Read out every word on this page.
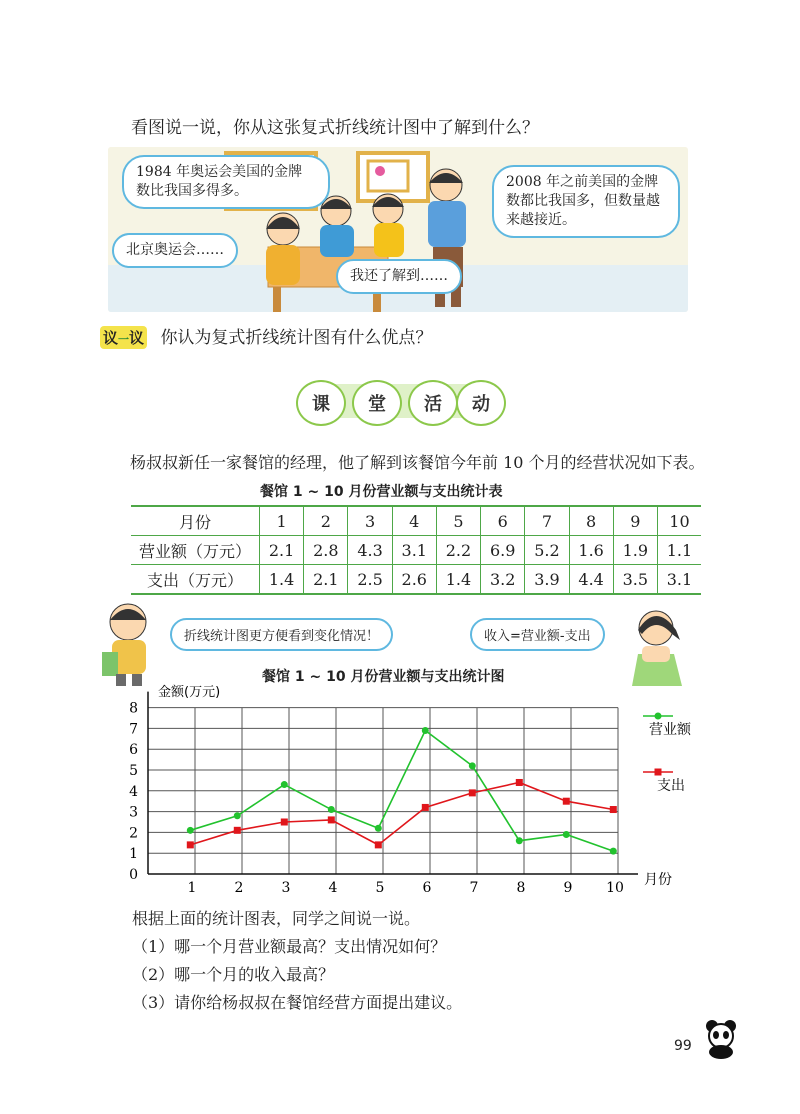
看图说一说，你从这张复式折线统计图中了解到什么？
1984 年奥运会美国的金牌数比我国多得多。
2008 年之前美国的金牌数都比我国多，但数量越来越接近。
北京奥运会……
我还了解到……
议一议 你认为复式折线统计图有什么优点？
课	堂	活	动
杨叔叔新任一家餐馆的经理，他了解到该餐馆今年前 10 个月的经营状况如下表。
餐馆 1 ~ 10 月份营业额与支出统计表
月份	1	2	3	4	5	6	7	8	9	10
营业额（万元）	2.1	2.8	4.3	3.1	2.2	6.9	5.2	1.6	1.9	1.1
支出（万元）	1.4	2.1	2.5	2.6	1.4	3.2	3.9	4.4	3.5	3.1
折线统计图更方便看到变化情况！	收入=营业额-支出
餐馆 1 ~ 10 月份营业额与支出统计图
0
1
2
3
4
5
6
7
8
1	2	3	4	5	6	7	8	9 10
营业额
支出
金额(万元)
月份
根据上面的统计图表，同学之间说一说。
（1）哪一个月营业额最高？支出情况如何？
（2）哪一个月的收入最高？
（3）请你给杨叔叔在餐馆经营方面提出建议。
99
